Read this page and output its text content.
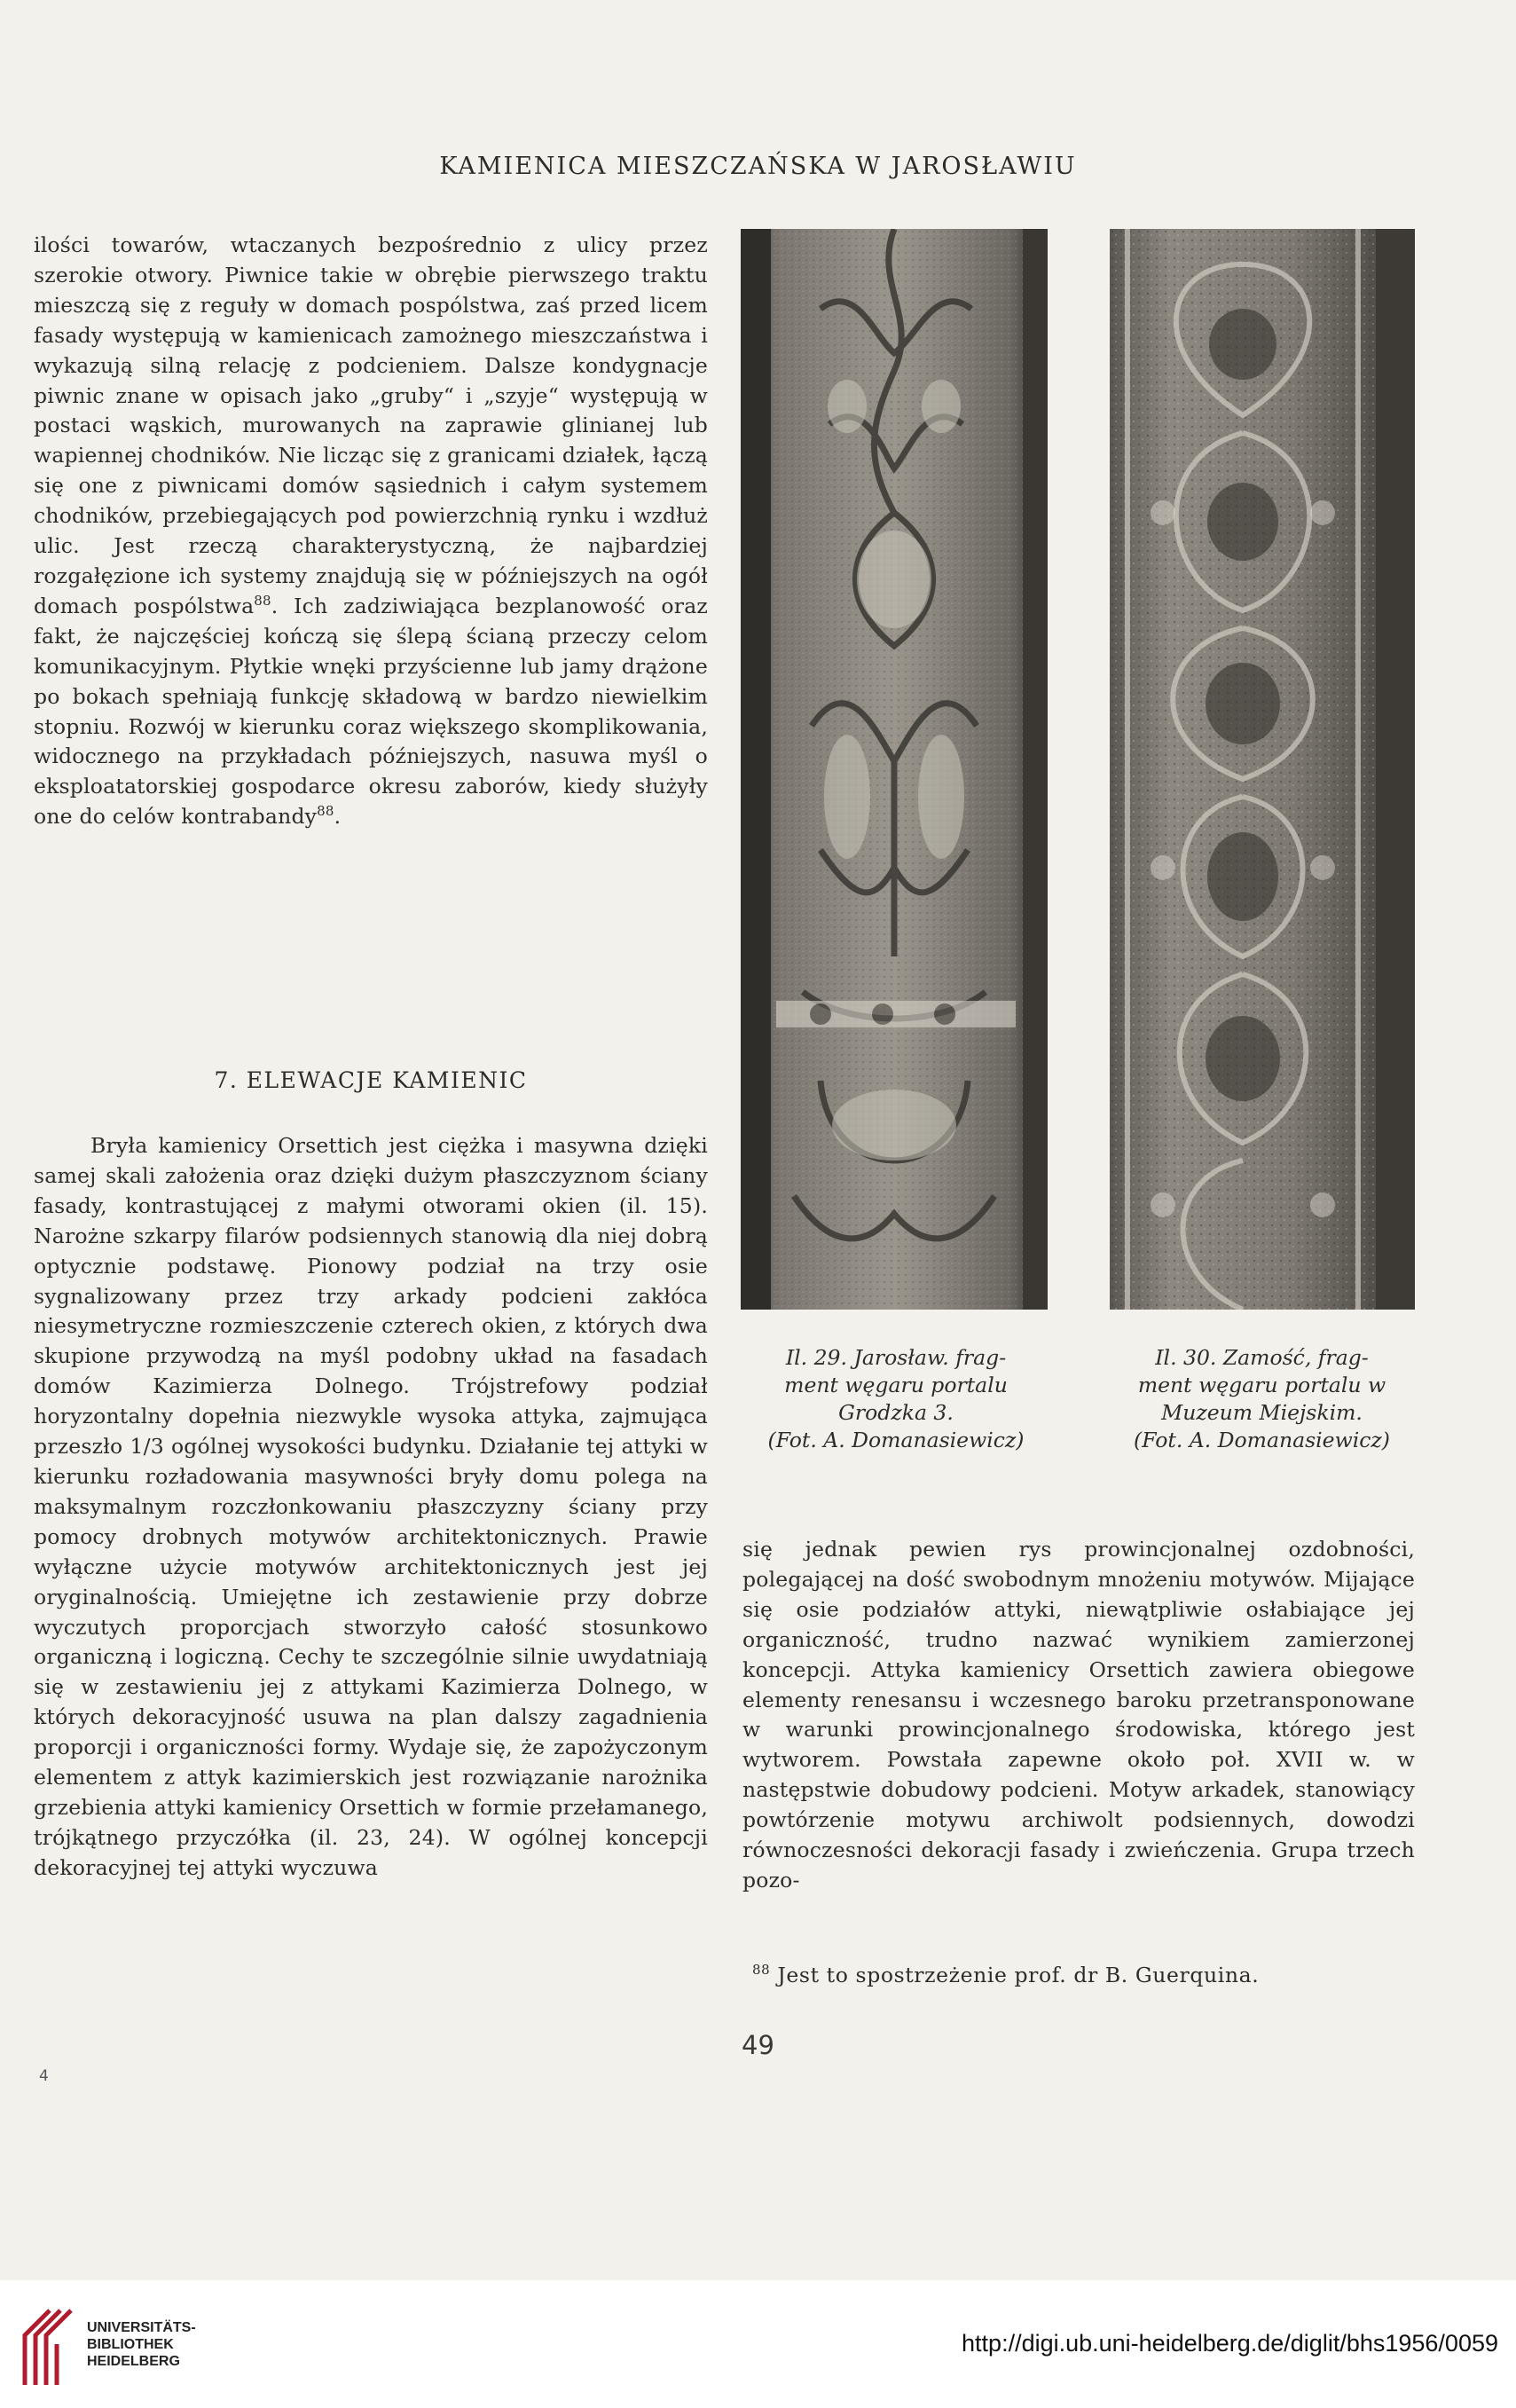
KAMIENICA MIESZCZAŃSKA W JAROSŁAWIU

ilości towarów, wtaczanych bezpośrednio z ulicy przez szerokie otwory. Piwnice takie w obrębie pierwszego traktu mieszczą się z reguły w domach pospólstwa, zaś przed licem fasady występują w kamienicach zamożnego mieszczaństwa i wykazują silną relację z podcieniem. Dalsze kondygnacje piwnic znane w opisach jako „gruby“ i „szyje“ występują w postaci wąskich, murowanych na zaprawie glinianej lub wapiennej chodników. Nie licząc się z granicami działek, łączą się one z piwnicami domów sąsiednich i całym systemem chodników, przebiegających pod powierzchnią rynku i wzdłuż ulic. Jest rzeczą charakterystyczną, że najbardziej rozgałęzione ich systemy znajdują się w późniejszych na ogół domach pospólstwa$^{88}$. Ich zadziwiająca bezplanowość oraz fakt, że najczęściej kończą się ślepą ścianą przeczy celom komunikacyjnym. Płytkie wnęki przyścienne lub jamy drążone po bokach spełniają funkcję składową w bardzo niewielkim stopniu. Rozwój w kierunku coraz większego skomplikowania, widocznego na przykładach późniejszych, nasuwa myśl o eksploatatorskiej gospodarce okresu zaborów, kiedy służyły one do celów kontrabandy$^{88}$.

7. ELEWACJE KAMIENIC

Bryła kamienicy Orsettich jest ciężka i masywna dzięki samej skali założenia oraz dzięki dużym płaszczyznom ściany fasady, kontrastującej z małymi otworami okien (il. 15). Narożne szkarpy filarów podsiennych stanowią dla niej dobrą optycznie podstawę. Pionowy podział na trzy osie sygnalizowany przez trzy arkady podcieni zakłóca niesymetryczne rozmieszczenie czterech okien, z których dwa skupione przywodzą na myśl podobny układ na fasadach domów Kazimierza Dolnego. Trójstrefowy podział horyzontalny dopełnia niezwykle wysoka attyka, zajmująca przeszło 1/3 ogólnej wysokości budynku. Działanie tej attyki w kierunku rozładowania masywności bryły domu polega na maksymalnym rozczłonkowaniu płaszczyzny ściany przy pomocy drobnych motywów architektonicznych. Prawie wyłączne użycie motywów architektonicznych jest jej oryginalnością. Umiejętne ich zestawienie przy dobrze wyczutych proporcjach stworzyło całość stosunkowo organiczną i logiczną. Cechy te szczególnie silnie uwydatniają się w zestawieniu jej z attykami Kazimierza Dolnego, w których dekoracyjność usuwa na plan dalszy zagadnienia proporcji i organiczności formy. Wydaje się, że zapożyczonym elementem z attyk kazimierskich jest rozwiązanie narożnika grzebienia attyki kamienicy Orsettich w formie przełamanego, trójkątnego przyczółka (il. 23, 24). W ogólnej koncepcji dekoracyjnej tej attyki wyczuwa

Il. 29. Jarosław. frag-
ment węgaru portalu
Grodzka 3.
(Fot. A. Domanasiewicz)
Il. 30. Zamość, frag-
ment węgaru portalu w
Muzeum Miejskim.
(Fot. A. Domanasiewicz)

się jednak pewien rys prowincjonalnej ozdobności, polegającej na dość swobodnym mnożeniu motywów. Mijające się osie podziałów attyki, niewątpliwie osłabiające jej organiczność, trudno nazwać wynikiem zamierzonej koncepcji. Attyka kamienicy Orsettich zawiera obiegowe elementy renesansu i wczesnego baroku przetransponowane w warunki prowincjonalnego środowiska, którego jest wytworem. Powstała zapewne około poł. XVII w. w następstwie dobudowy podcieni. Motyw arkadek, stanowiący powtórzenie motywu archiwolt podsiennych, dowodzi równoczesności dekoracji fasady i zwieńczenia. Grupa trzech pozo-

$^{88}$ Jest to spostrzeżenie prof. dr B. Guerquina.
49
4
UNIVERSITÄTS-
BIBLIOTHEK
HEIDELBERG
http://digi.ub.uni-heidelberg.de/diglit/bhs1956/0059
